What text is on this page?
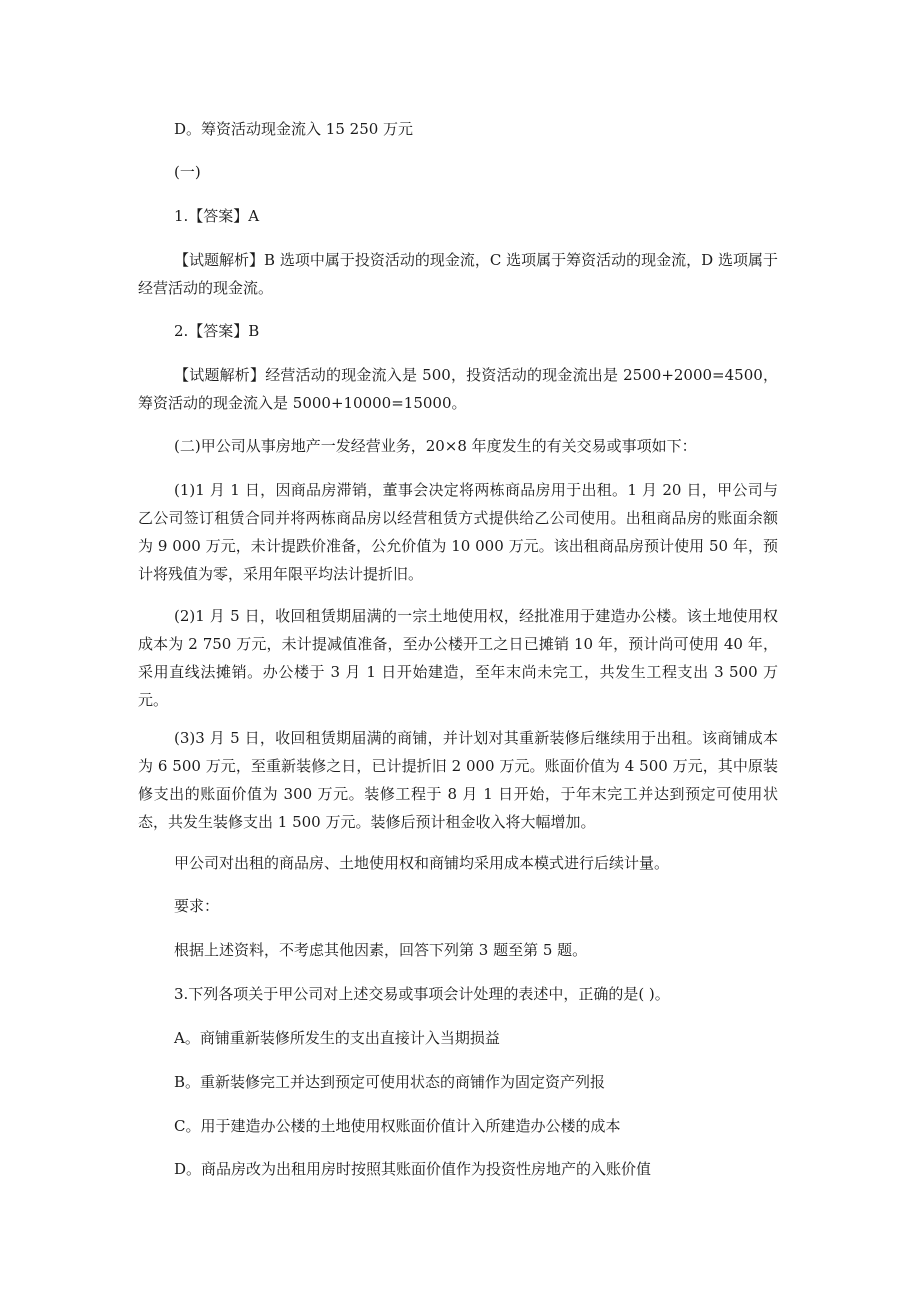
D。筹资活动现金流入 15 250 万元
(一)
1.【答案】A
【试题解析】B 选项中属于投资活动的现金流，C 选项属于筹资活动的现金流，D 选项属于经营活动的现金流。
2.【答案】B
【试题解析】经营活动的现金流入是 500，投资活动的现金流出是 2500+2000=4500，筹资活动的现金流入是 5000+10000=15000。
(二)甲公司从事房地产一发经营业务，20×8 年度发生的有关交易或事项如下：
(1)1 月 1 日，因商品房滞销，董事会决定将两栋商品房用于出租。1 月 20 日，甲公司与乙公司签订租赁合同并将两栋商品房以经营租赁方式提供给乙公司使用。出租商品房的账面余额为 9 000 万元，未计提跌价准备，公允价值为 10 000 万元。该出租商品房预计使用 50 年，预计将残值为零，采用年限平均法计提折旧。
(2)1 月 5 日，收回租赁期届满的一宗土地使用权，经批准用于建造办公楼。该土地使用权成本为 2 750 万元，未计提减值准备，至办公楼开工之日已摊销 10 年，预计尚可使用 40 年，采用直线法摊销。办公楼于 3 月 1 日开始建造，至年末尚未完工，共发生工程支出 3 500 万元。
(3)3 月 5 日，收回租赁期届满的商铺，并计划对其重新装修后继续用于出租。该商铺成本为 6 500 万元，至重新装修之日，已计提折旧 2 000 万元。账面价值为 4 500 万元，其中原装修支出的账面价值为 300 万元。装修工程于 8 月 1 日开始，于年末完工并达到预定可使用状态，共发生装修支出 1 500 万元。装修后预计租金收入将大幅增加。
甲公司对出租的商品房、土地使用权和商铺均采用成本模式进行后续计量。
要求：
根据上述资料，不考虑其他因素，回答下列第 3 题至第 5 题。
3.下列各项关于甲公司对上述交易或事项会计处理的表述中，正确的是( )。
A。商铺重新装修所发生的支出直接计入当期损益
B。重新装修完工并达到预定可使用状态的商铺作为固定资产列报
C。用于建造办公楼的土地使用权账面价值计入所建造办公楼的成本
D。商品房改为出租用房时按照其账面价值作为投资性房地产的入账价值
